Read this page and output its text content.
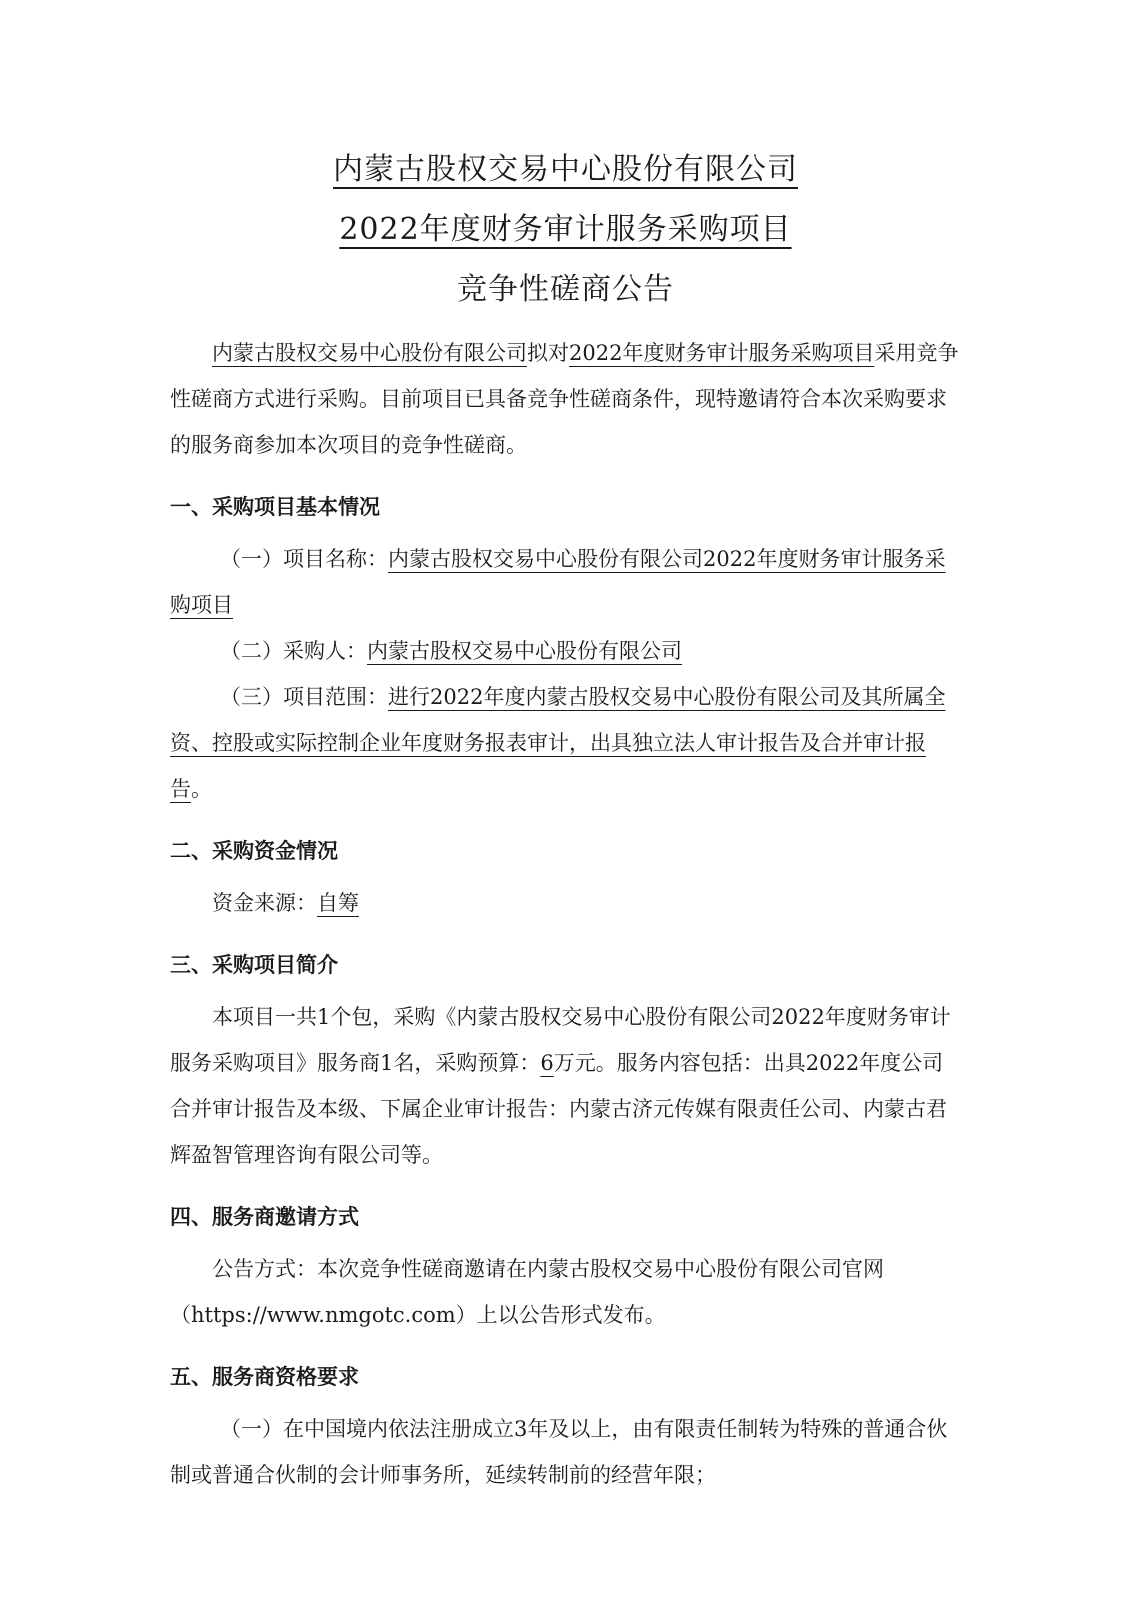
内蒙古股权交易中心股份有限公司
2022年度财务审计服务采购项目
竞争性磋商公告

内蒙古股权交易中心股份有限公司拟对2022年度财务审计服务采购项目采用竞争性磋商方式进行采购。目前项目已具备竞争性磋商条件，现特邀请符合本次采购要求的服务商参加本次项目的竞争性磋商。

一、采购项目基本情况

（一）项目名称：内蒙古股权交易中心股份有限公司2022年度财务审计服务采购项目

（二）采购人：内蒙古股权交易中心股份有限公司

（三）项目范围：进行2022年度内蒙古股权交易中心股份有限公司及其所属全资、控股或实际控制企业年度财务报表审计，出具独立法人审计报告及合并审计报告。

二、采购资金情况

资金来源：自筹

三、采购项目简介

本项目一共1个包，采购《内蒙古股权交易中心股份有限公司2022年度财务审计服务采购项目》服务商1名，采购预算：6万元。服务内容包括：出具2022年度公司合并审计报告及本级、下属企业审计报告：内蒙古济元传媒有限责任公司、内蒙古君辉盈智管理咨询有限公司等。

四、服务商邀请方式

公告方式：本次竞争性磋商邀请在内蒙古股权交易中心股份有限公司官网（https://www.nmgotc.com）上以公告形式发布。

五、服务商资格要求

（一）在中国境内依法注册成立3年及以上，由有限责任制转为特殊的普通合伙制或普通合伙制的会计师事务所，延续转制前的经营年限；
